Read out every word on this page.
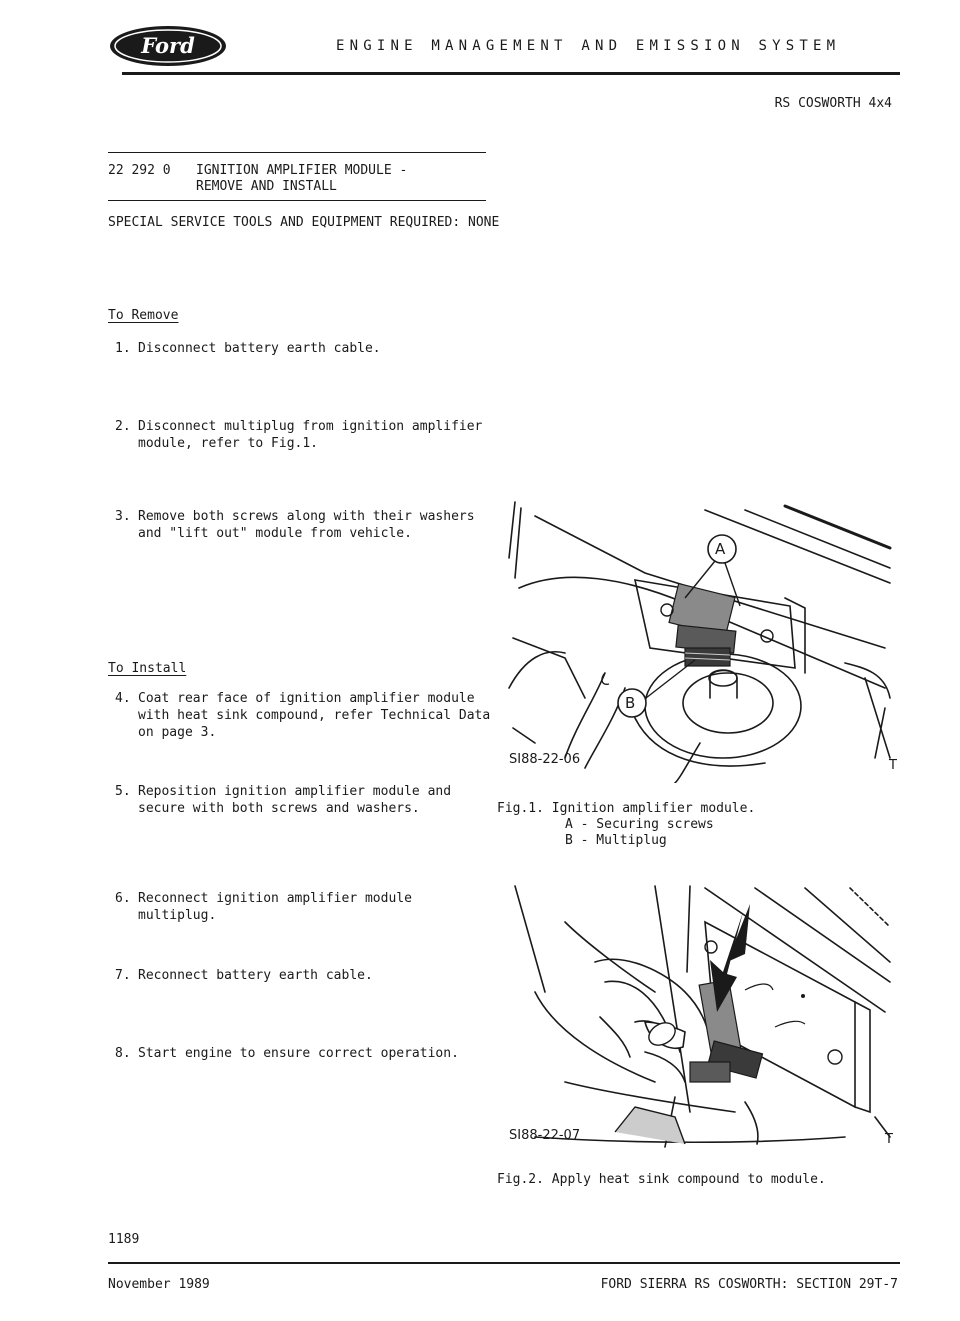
Ford	ENGINE MANAGEMENT AND EMISSION SYSTEM
RS COSWORTH 4x4
22 292 0 IGNITION AMPLIFIER MODULE -
REMOVE AND INSTALL
SPECIAL SERVICE TOOLS AND EQUIPMENT REQUIRED: NONE
To Remove
1. Disconnect battery earth cable.
2. Disconnect multiplug from ignition amplifier
module, refer to Fig.1.
3. Remove both screws along with their washers
and "lift out" module from vehicle.
To Install
4. Coat rear face of ignition amplifier module
with heat sink compound, refer Technical Data
on page 3.
5. Reposition ignition amplifier module and
secure with both screws and washers.
6. Reconnect ignition amplifier module
multiplug.
7. Reconnect battery earth cable.
8. Start engine to ensure correct operation.
A
B
SI88-22-06	T
Fig.1. Ignition amplifier module.
A - Securing screws
B - Multiplug
SI88-22-07	T
Fig.2. Apply heat sink compound to module.
1189
November 1989	FORD SIERRA RS COSWORTH: SECTION 29T-7
